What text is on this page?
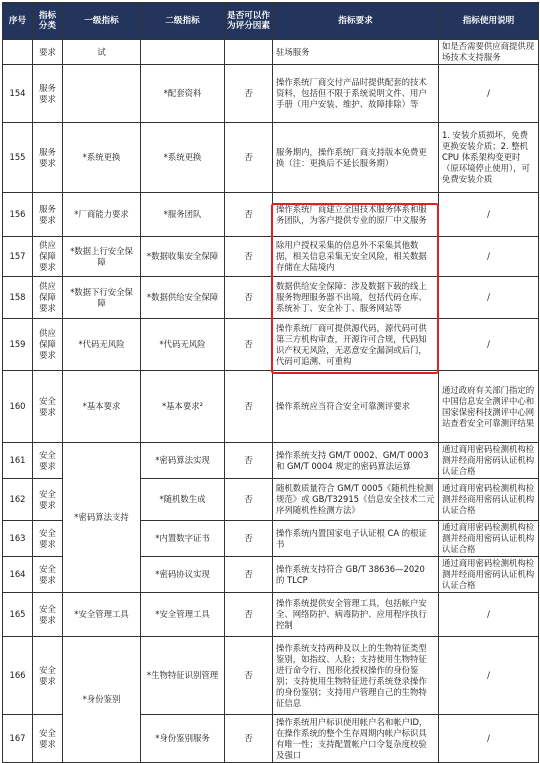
序号	指标分类	一级指标	二级指标	是否可以作为评分因素	指标要求	指标使用说明
	要求	试			驻场服务	如是否需要供应商提供现场技术支持服务
154	服务要求		*配套资料	否	操作系统厂商交付产品时提供配套的技术资料，包括但不限于系统说明文件、用户手册（用户安装、维护、故障排除）等	/
155	服务要求	*系统更换	*系统更换	否	服务期内，操作系统厂商支持版本免费更换（注：更换后不延长服务期）	1. 安装介质损坏，免费更换安装介质；2. 整机 CPU 体系架构变更时（原环境停止使用），可免费安装介质
156	服务要求	*厂商能力要求	*服务团队	否	操作系统厂商建立全国技术服务体系和服务团队，为客户提供专业的原厂中文服务	/
157	供应保障要求	*数据上行安全保障	*数据收集安全保障	否	除用户授权采集的信息外不采集其他数据，相关信息采集无安全风险，相关数据存储在大陆境内	/
158	供应保障要求	*数据下行安全保障	*数据供给安全保障	否	数据供给安全保障：涉及数据下载的线上服务物理服务器不出境，包括代码仓库、系统补丁、安全补丁、服务网站等	/
159	供应保障要求	*代码无风险	*代码无风险	否	操作系统厂商可提供源代码，源代码可供第三方机构审查，开源许可合规，代码知识产权无风险，无恶意安全漏洞或后门，代码可追溯、可重构	/
160	安全要求	*基本要求	*基本要求²	否	操作系统应当符合安全可靠测评要求	通过政府有关部门指定的中国信息安全测评中心和国家保密科技测评中心网站查看安全可靠测评结果
161	安全要求	*密码算法支持	*密码算法实现	否	操作系统支持 GM/T 0002、GM/T 0003 和 GM/T 0004 规定的密码算法运算	通过商用密码检测机构检测并经商用密码认证机构认证合格
162	安全要求		*随机数生成	否	随机数质量符合 GM/T 0005《随机性检测规范》或 GB/T32915《信息安全技术二元序列随机性检测方法》	通过商用密码检测机构检测并经商用密码认证机构认证合格
163	安全要求		*内置数字证书	否	操作系统内置国家电子认证根 CA 的根证书	通过商用密码检测机构检测并经商用密码认证机构认证合格
164	安全要求		*密码协议实现	否	操作系统支持符合 GB/T 38636—2020 的 TLCP	通过商用密码检测机构检测并经商用密码认证机构认证合格
165	安全要求	*安全管理工具	*安全管理工具	否	操作系统提供安全管理工具，包括帐户安全、网络防护、病毒防护、应用程序执行控制	/
166	安全要求	*身份鉴别	*生物特征识别管理	否	操作系统支持两种及以上的生物特征类型鉴别，如指纹、人脸；支持使用生物特征进行命令行、图形化授权操作的身份鉴别；支持使用生物特征进行系统登录操作的身份鉴别；支持用户管理自己的生物特征信息	/
167	安全要求		*身份鉴别服务	否	操作系统用户标识使用帐户名和帐户ID，在操作系统的整个生存周期内帐户标识具有唯一性；支持配置帐户口令复杂度校验及强口	/
